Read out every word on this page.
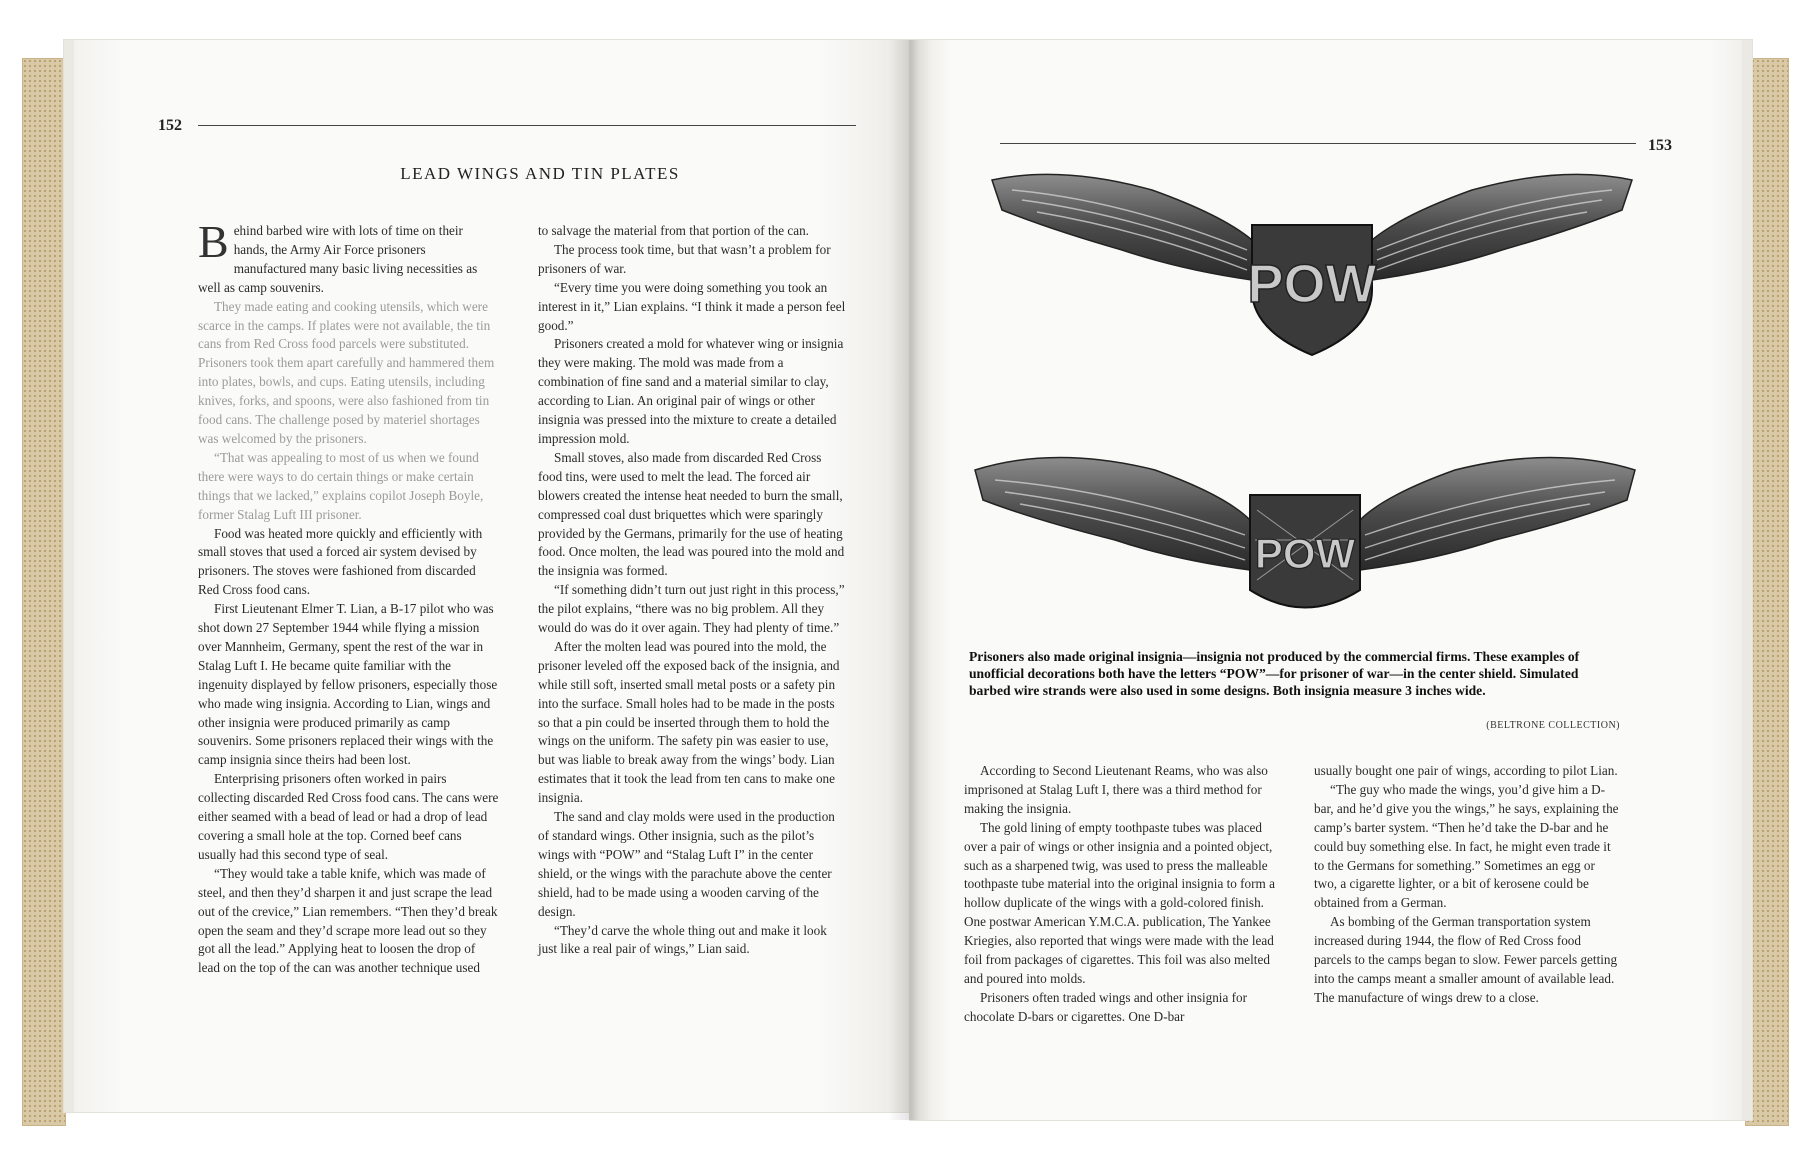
152
LEAD WINGS AND TIN PLATES

Behind barbed wire with lots of time on their hands, the Army Air Force prisoners manufactured many basic living necessities as well as camp souvenirs.

They made eating and cooking utensils, which were scarce in the camps. If plates were not available, the tin cans from Red Cross food parcels were substituted. Prisoners took them apart carefully and hammered them into plates, bowls, and cups. Eating utensils, including knives, forks, and spoons, were also fashioned from tin food cans. The challenge posed by materiel shortages was welcomed by the prisoners.

“That was appealing to most of us when we found there were ways to do certain things or make certain things that we lacked,” explains copilot Joseph Boyle, former Stalag Luft III prisoner.

Food was heated more quickly and efficiently with small stoves that used a forced air system devised by prisoners. The stoves were fashioned from discarded Red Cross food cans.

First Lieutenant Elmer T. Lian, a B-17 pilot who was shot down 27 September 1944 while flying a mission over Mannheim, Germany, spent the rest of the war in Stalag Luft I. He became quite familiar with the ingenuity displayed by fellow prisoners, especially those who made wing insignia. According to Lian, wings and other insignia were produced primarily as camp souvenirs. Some prisoners replaced their wings with the camp insignia since theirs had been lost.

Enterprising prisoners often worked in pairs collecting discarded Red Cross food cans. The cans were either seamed with a bead of lead or had a drop of lead covering a small hole at the top. Corned beef cans usually had this second type of seal.

“They would take a table knife, which was made of steel, and then they’d sharpen it and just scrape the lead out of the crevice,” Lian remembers. “Then they’d break open the seam and they’d scrape more lead out so they got all the lead.” Applying heat to loosen the drop of lead on the top of the can was another technique used

to salvage the material from that portion of the can.

The process took time, but that wasn’t a problem for prisoners of war.

“Every time you were doing something you took an interest in it,” Lian explains. “I think it made a person feel good.”

Prisoners created a mold for whatever wing or insignia they were making. The mold was made from a combination of fine sand and a material similar to clay, according to Lian. An original pair of wings or other insignia was pressed into the mixture to create a detailed impression mold.

Small stoves, also made from discarded Red Cross food tins, were used to melt the lead. The forced air blowers created the intense heat needed to burn the small, compressed coal dust briquettes which were sparingly provided by the Germans, primarily for the use of heating food. Once molten, the lead was poured into the mold and the insignia was formed.

“If something didn’t turn out just right in this process,” the pilot explains, “there was no big problem. All they would do was do it over again. They had plenty of time.”

After the molten lead was poured into the mold, the prisoner leveled off the exposed back of the insignia, and while still soft, inserted small metal posts or a safety pin into the surface. Small holes had to be made in the posts so that a pin could be inserted through them to hold the wings on the uniform. The safety pin was easier to use, but was liable to break away from the wings’ body. Lian estimates that it took the lead from ten cans to make one insignia.

The sand and clay molds were used in the production of standard wings. Other insignia, such as the pilot’s wings with “POW” and “Stalag Luft I” in the center shield, or the wings with the parachute above the center shield, had to be made using a wooden carving of the design.

“They’d carve the whole thing out and make it look just like a real pair of wings,” Lian said.

153
POW
POW
Prisoners also made original insignia—insignia not produced by the commercial firms. These examples of unofficial decorations both have the letters “POW”—for prisoner of war—in the center shield. Simulated barbed wire strands were also used in some designs. Both insignia measure 3 inches wide.
(BELTRONE COLLECTION)

According to Second Lieutenant Reams, who was also imprisoned at Stalag Luft I, there was a third method for making the insignia.

The gold lining of empty toothpaste tubes was placed over a pair of wings or other insignia and a pointed object, such as a sharpened twig, was used to press the malleable toothpaste tube material into the original insignia to form a hollow duplicate of the wings with a gold-colored finish. One postwar American Y.M.C.A. publication, The Yankee Kriegies, also reported that wings were made with the lead foil from packages of cigarettes. This foil was also melted and poured into molds.

Prisoners often traded wings and other insignia for chocolate D-bars or cigarettes. One D-bar

usually bought one pair of wings, according to pilot Lian.

“The guy who made the wings, you’d give him a D-bar, and he’d give you the wings,” he says, explaining the camp’s barter system. “Then he’d take the D-bar and he could buy something else. In fact, he might even trade it to the Germans for something.” Sometimes an egg or two, a cigarette lighter, or a bit of kerosene could be obtained from a German.

As bombing of the German transportation system increased during 1944, the flow of Red Cross food parcels to the camps began to slow. Fewer parcels getting into the camps meant a smaller amount of available lead. The manufacture of wings drew to a close.
